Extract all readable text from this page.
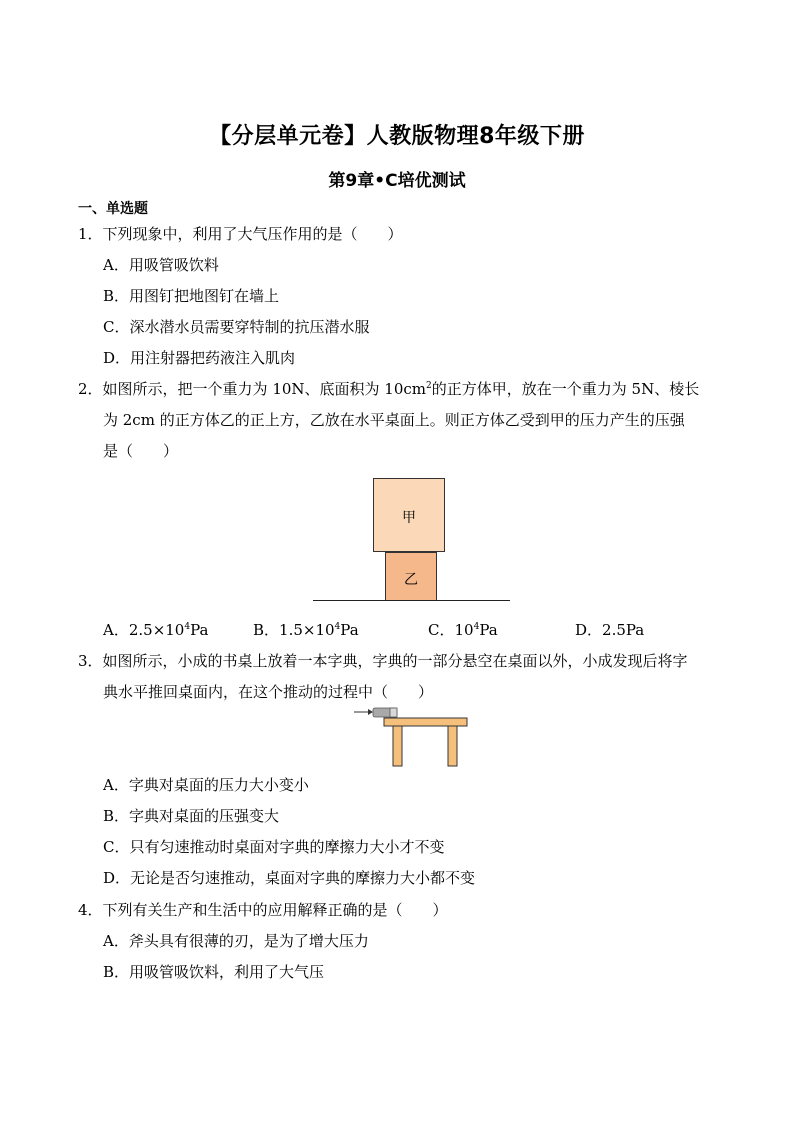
【分层单元卷】人教版物理8年级下册
第9章•C培优测试
一、单选题
1．下列现象中，利用了大气压作用的是（　　）
A．用吸管吸饮料
B．用图钉把地图钉在墙上
C．深水潜水员需要穿特制的抗压潜水服
D．用注射器把药液注入肌肉
2．如图所示，把一个重力为 10N、底面积为 $10cm^2$的正方体甲，放在一个重力为 5N、棱长
为 2cm 的正方体乙的正上方，乙放在水平桌面上。则正方体乙受到甲的压力产生的压强
是（　　）
甲
乙
A．$2.5\times 10^4Pa$	B．$1.5\times 10^4Pa$	C．$10^4Pa$	D．2.5Pa
3．如图所示，小成的书桌上放着一本字典，字典的一部分悬空在桌面以外，小成发现后将字
典水平推回桌面内，在这个推动的过程中（　　）
A．字典对桌面的压力大小变小
B．字典对桌面的压强变大
C．只有匀速推动时桌面对字典的摩擦力大小才不变
D．无论是否匀速推动，桌面对字典的摩擦力大小都不变
4．下列有关生产和生活中的应用解释正确的是（　　）
A．斧头具有很薄的刃，是为了增大压力
B．用吸管吸饮料，利用了大气压
